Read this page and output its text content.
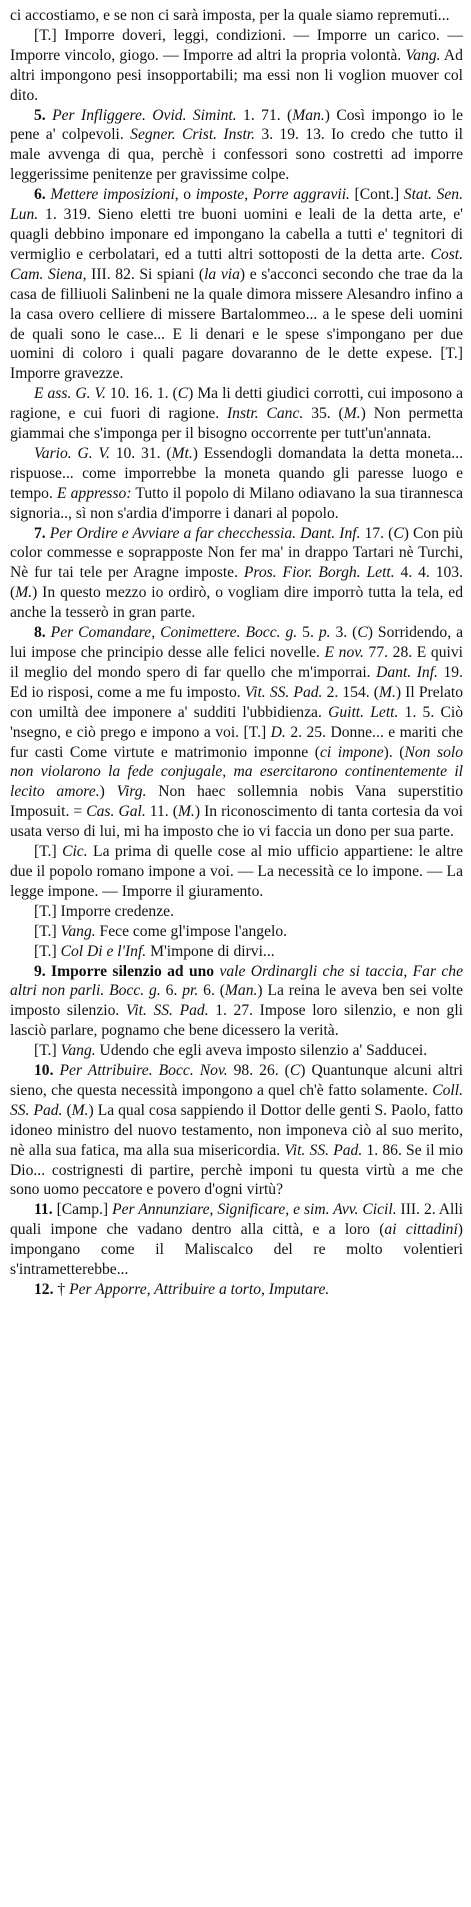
ci accostiamo, e se non ci sarà imposta, per la quale siamo repremuti...

[T.] Imporre doveri, leggi, condizioni. — Imporre un carico. — Imporre vincolo, giogo. — Imporre ad altri la propria volontà. Vang. Ad altri impongono pesi insopportabili; ma essi non li voglion muover col dito.

5. Per Infliggere. Ovid. Simint. 1. 71. (Man.) Così impongo io le pene a' colpevoli. Segner. Crist. Instr. 3. 19. 13. Io credo che tutto il male avvenga di qua, perchè i confessori sono costretti ad imporre leggerissime penitenze per gravissime colpe.

6. Mettere imposizioni, o imposte, Porre aggravii. [Cont.] Stat. Sen. Lun. 1. 319. Sieno eletti tre buoni uomini e leali de la detta arte, e' quagli debbino imponare ed impongano la cabella a tutti e' tegnitori di vermiglio e cerbolatari, ed a tutti altri sottoposti de la detta arte. Cost. Cam. Siena, III. 82. Si spiani (la via) e s'acconci secondo che trae da la casa de filliuoli Salinbeni ne la quale dimora missere Alesandro infino a la casa overo celliere di missere Bartalommeo... a le spese deli uomini de quali sono le case... E li denari e le spese s'impongano per due uomini di coloro i quali pagare dovaranno de le dette expese. [T.] Imporre gravezze.

E ass. G. V. 10. 16. 1. (C) Ma li detti giudici corrotti, cui imposono a ragione, e cui fuori di ragione. Instr. Canc. 35. (M.) Non permetta giammai che s'imponga per il bisogno occorrente per tutt'un'annata.

Vario. G. V. 10. 31. (Mt.) Essendogli domandata la detta moneta... rispuose... come imporrebbe la moneta quando gli paresse luogo e tempo. E appresso: Tutto il popolo di Milano odiavano la sua tirannesca signoria.., sì non s'ardia d'imporre i danari al popolo.

7. Per Ordire e Avviare a far checchessia. Dant. Inf. 17. (C) Con più color commesse e soprapposte Non fer ma' in drappo Tartari nè Turchi, Nè fur tai tele per Aragne imposte. Pros. Fior. Borgh. Lett. 4. 4. 103. (M.) In questo mezzo io ordirò, o vogliam dire imporrò tutta la tela, ed anche la tesserò in gran parte.

8. Per Comandare, Conimettere. Bocc. g. 5. p. 3. (C) Sorridendo, a lui impose che principio desse alle felici novelle. E nov. 77. 28. E quivi il meglio del mondo spero di far quello che m'imporrai. Dant. Inf. 19. Ed io risposi, come a me fu imposto. Vit. SS. Pad. 2. 154. (M.) Il Prelato con umiltà dee imponere a' sudditi l'ubbidienza. Guitt. Lett. 1. 5. Ciò 'nsegno, e ciò prego e impono a voi. [T.] D. 2. 25. Donne... e mariti che fur casti Come virtute e matrimonio imponne (ci impone). (Non solo non violarono la fede conjugale, ma esercitarono continentemente il lecito amore.) Virg. Non haec sollemnia nobis Vana superstitio Imposuit. = Cas. Gal. 11. (M.) In riconoscimento di tanta cortesia da voi usata verso di lui, mi ha imposto che io vi faccia un dono per sua parte.

[T.] Cic. La prima di quelle cose al mio ufficio appartiene: le altre due il popolo romano impone a voi. — La necessità ce lo impone. — La legge impone. — Imporre il giuramento.

[T.] Imporre credenze.

[T.] Vang. Fece come gl'impose l'angelo.

[T.] Col Di e l'Inf. M'impone di dirvi...

9. Imporre silenzio ad uno vale Ordinargli che si taccia, Far che altri non parli. Bocc. g. 6. pr. 6. (Man.) La reina le aveva ben sei volte imposto silenzio. Vit. SS. Pad. 1. 27. Impose loro silenzio, e non gli lasciò parlare, pognamo che bene dicessero la verità.

[T.] Vang. Udendo che egli aveva imposto silenzio a' Sadducei.

10. Per Attribuire. Bocc. Nov. 98. 26. (C) Quantunque alcuni altri sieno, che questa necessità impongono a quel ch'è fatto solamente. Coll. SS. Pad. (M.) La qual cosa sappiendo il Dottor delle genti S. Paolo, fatto idoneo ministro del nuovo testamento, non imponeva ciò al suo merito, nè alla sua fatica, ma alla sua misericordia. Vit. SS. Pad. 1. 86. Se il mio Dio... costrignesti di partire, perchè imponi tu questa virtù a me che sono uomo peccatore e povero d'ogni virtù?

11. [Camp.] Per Annunziare, Significare, e sim. Avv. Cicil. III. 2. Alli quali impone che vadano dentro alla città, e a loro (ai cittadini) impongano come il Maliscalco del re molto volentieri s'intrametterebbe...

12. † Per Apporre, Attribuire a torto, Imputare.
